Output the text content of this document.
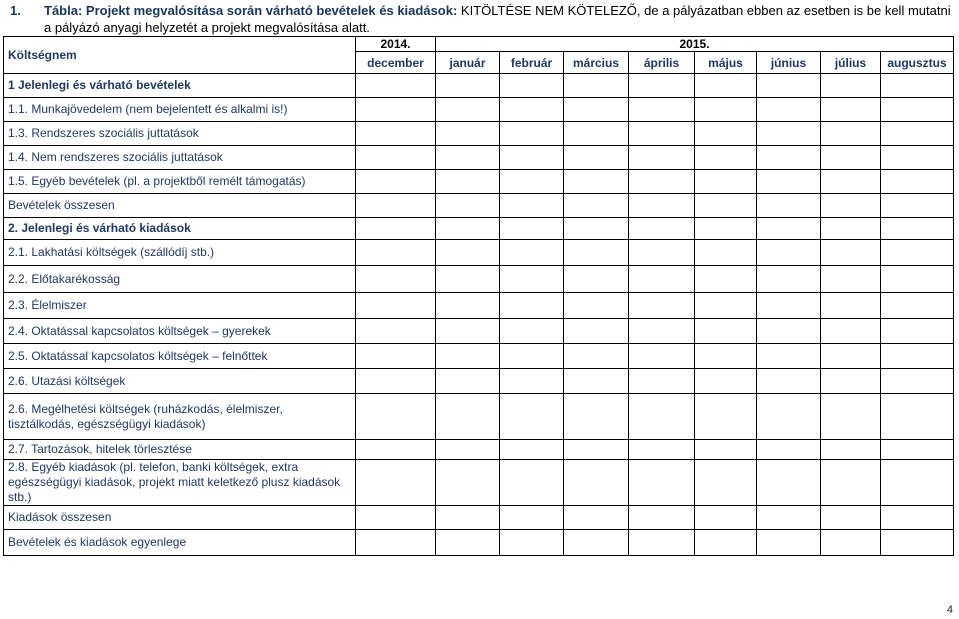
1.	Tábla: Projekt megvalósítása során várható bevételek és kiadások: KITÖLTÉSE NEM KÖTELEZŐ, de a pályázatban ebben az esetben is be kell mutatni a pályázó anyagi helyzetét a projekt megvalósítása alatt.
Költségnem	2014.	2015.							
	december	január	február	március	április	május	június	július	augusztus
1 Jelenlegi és várható bevételek									
1.1. Munkajövedelem (nem bejelentett és alkalmi is!)									
1.3. Rendszeres szociális juttatások									
1.4. Nem rendszeres szociális juttatások									
1.5. Egyéb bevételek (pl. a projektből remélt támogatás)									
Bevételek összesen									
2. Jelenlegi és várható kiadások									
2.1. Lakhatási költségek (szállódíj stb.)									
2.2. Előtakarékosság									
2.3. Élelmiszer									
2.4. Oktatással kapcsolatos költségek – gyerekek									
2.5. Oktatással kapcsolatos költségek – felnőttek									
2.6. Utazási költségek									
2.6. Megélhetési költségek (ruházkodás, élelmiszer, tisztálkodás, egészségügyi kiadások)									
2.7. Tartozások, hitelek törlesztése									
2.8. Egyéb kiadások (pl. telefon, banki költségek, extra egészségügyi kiadások, projekt miatt keletkező plusz kiadások stb.)									
Kiadások összesen									
Bevételek és kiadások egyenlege									
4
